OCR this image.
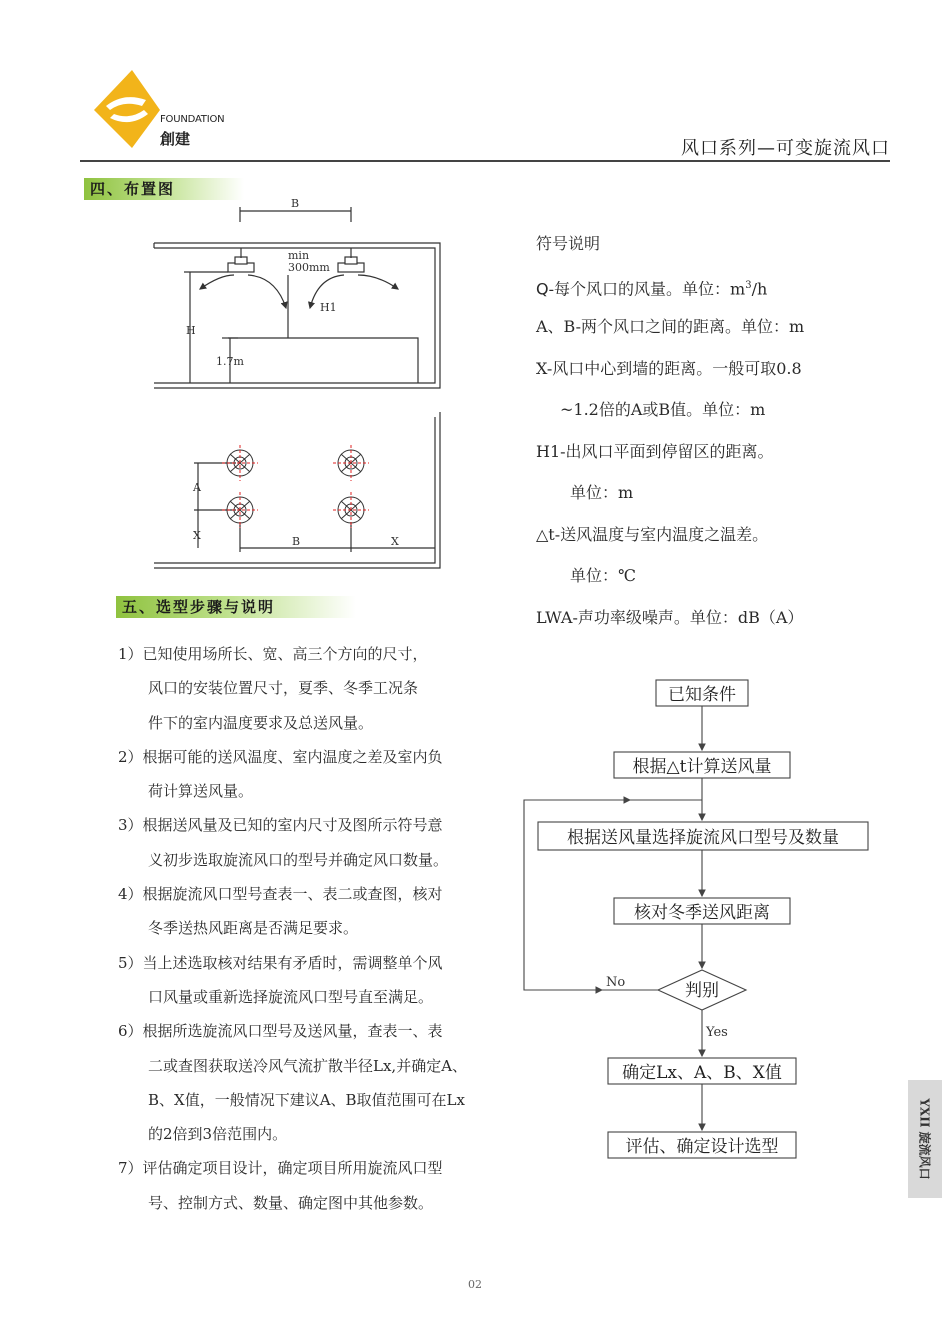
FOUNDATION
創建	风口系列—可变旋流风口
四、布置图
B
min
300mm
H1
H
1.7m
A
X	B	X
符号说明
Q-每个风口的风量。单位：$m^3/h$
A、B-两个风口之间的距离。单位：m
X-风口中心到墙的距离。一般可取0.8
~1.2倍的A或B值。单位：m
H1-出风口平面到停留区的距离。
单位：m
△t-送风温度与室内温度之温差。
单位：℃
LWA-声功率级噪声。单位：dB（A）
五、选型步骤与说明
1）已知使用场所长、宽、高三个方向的尺寸，
风口的安装位置尺寸，夏季、冬季工况条
件下的室内温度要求及总送风量。
2）根据可能的送风温度、室内温度之差及室内负
荷计算送风量。
3）根据送风量及已知的室内尺寸及图所示符号意
义初步选取旋流风口的型号并确定风口数量。
4）根据旋流风口型号查表一、表二或查图，核对
冬季送热风距离是否满足要求。
5）当上述选取核对结果有矛盾时，需调整单个风
口风量或重新选择旋流风口型号直至满足。
6）根据所选旋流风口型号及送风量，查表一、表
二或查图获取送冷风气流扩散半径Lx,并确定A、
B、X值，一般情况下建议A、B取值范围可在Lx
的2倍到3倍范围内。
7）评估确定项目设计，确定项目所用旋流风口型
号、控制方式、数量、确定图中其他参数。
已知条件
根据△t计算送风量
根据送风量选择旋流风口型号及数量
核对冬季送风距离
判别
确定Lx、A、B、X值
评估、确定设计选型
No
Yes
YXII 旋流风口
02
